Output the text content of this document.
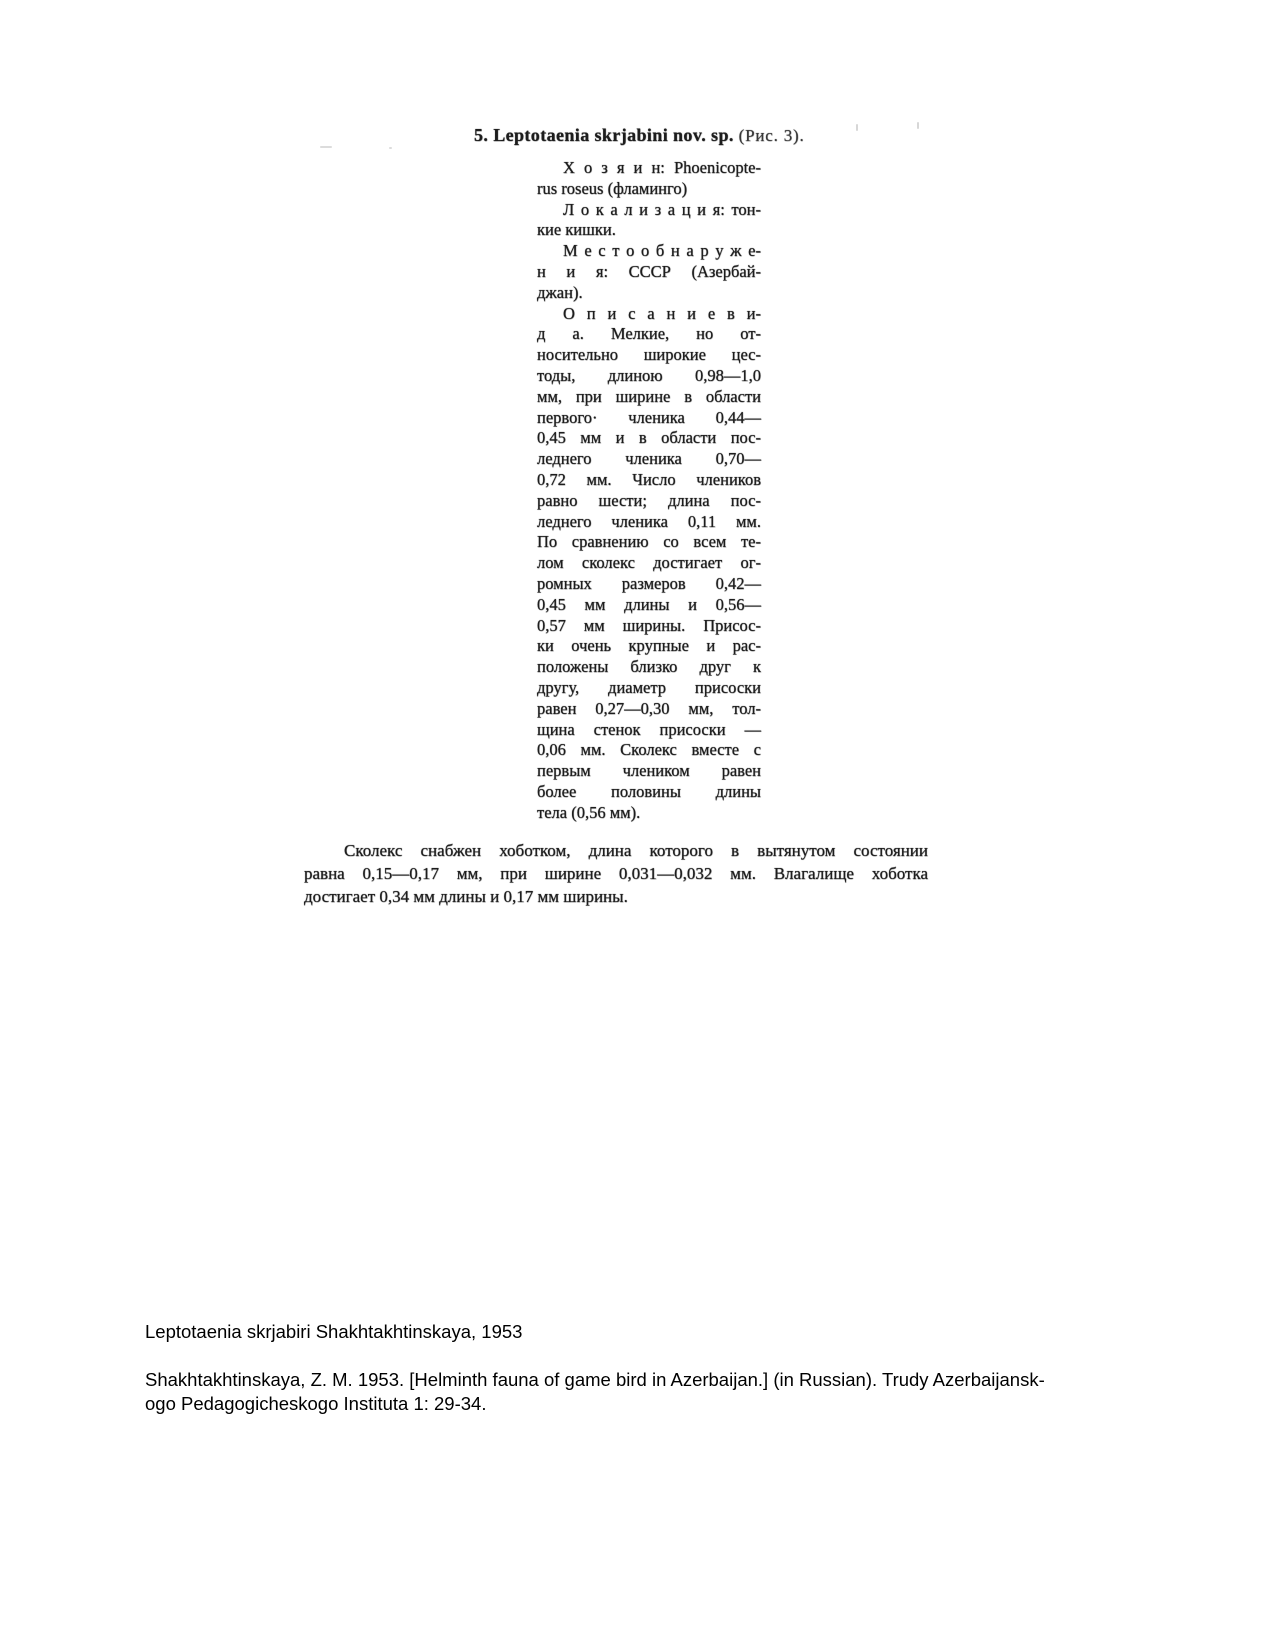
5. Leptotaenia skrjabini nov. sp. (Рис. 3).
Х о з я и н: Phoenicopte-
rus roseus (фламинго)
Л о к а л и з а ц и я: тон-
кие кишки.
М е с т о о б н а р у ж е-
н и я: СССР (Азербай-
джан).
О п и с а н и е в и-
д а. Мелкие, но от-
носительно широкие цес-
тоды, длиною 0,98—1,0
мм, при ширине в области
первого· членика 0,44—
0,45 мм и в области пос-
леднего членика 0,70—
0,72 мм. Число члеников
равно шести; длина пос-
леднего членика 0,11 мм.
По сравнению со всем те-
лом сколекс достигает ог-
ромных размеров 0,42—
0,45 мм длины и 0,56—
0,57 мм ширины. Присос-
ки очень крупные и рас-
положены близко друг к
другу, диаметр присоски
равен 0,27—0,30 мм, тол-
щина стенок присоски —
0,06 мм. Сколекс вместе с
первым члеником равен
более половины длины
тела (0,56 мм).
Сколекс снабжен хоботком, длина которого в вытянутом состоянии
равна 0,15—0,17 мм, при ширине 0,031—0,032 мм. Влагалище хоботка
достигает 0,34 мм длины и 0,17 мм ширины.
Leptotaenia skrjabiri Shakhtakhtinskaya, 1953
Shakhtakhtinskaya, Z. M. 1953. [Helminth fauna of game bird in Azerbaijan.] (in Russian). Trudy Azerbaijansk-
ogo Pedagogicheskogo Instituta 1: 29-34.
